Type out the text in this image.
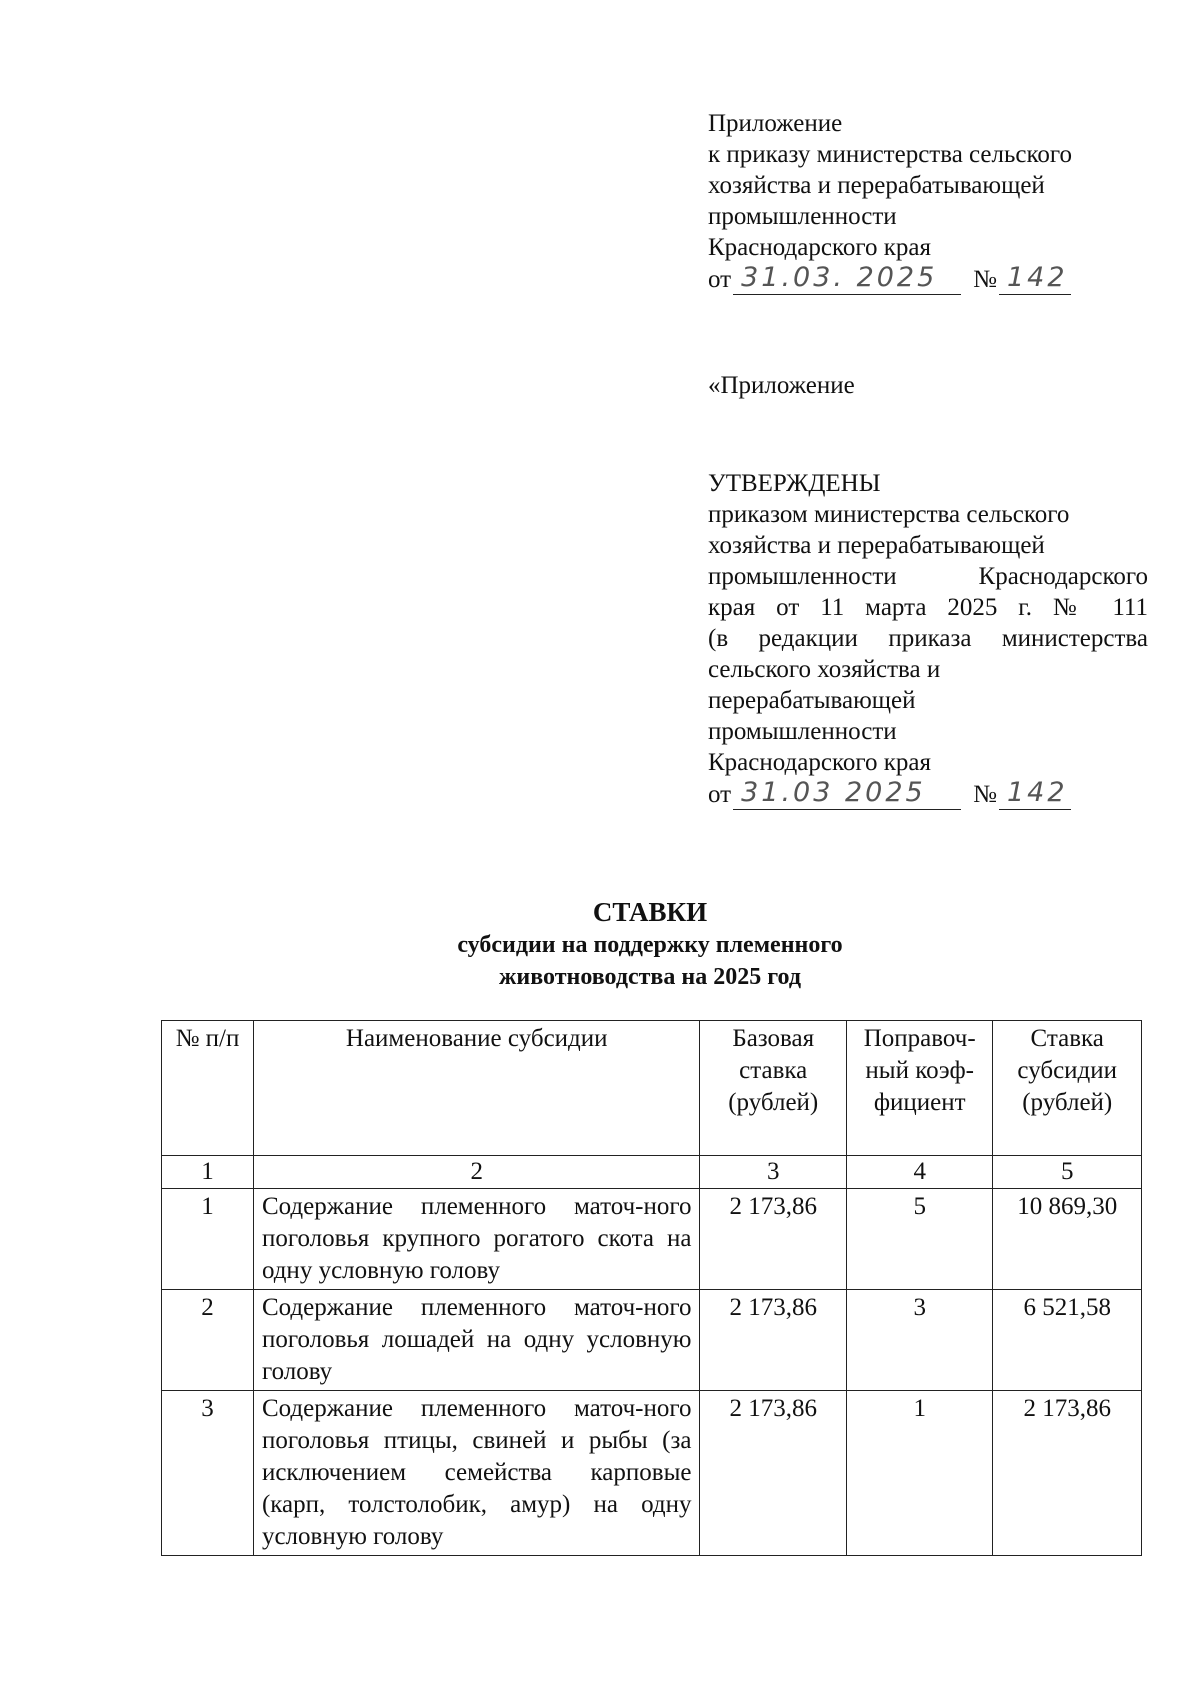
Приложение
к приказу министерства сельского
хозяйства и перерабатывающей
промышленности
Краснодарского края
от 31.03. 2025 № 142
«Приложение
УТВЕРЖДЕНЫ
приказом министерства сельского
хозяйства и перерабатывающей
промышленности Краснодарского
края от 11 марта 2025 г. № 111
(в редакции приказа министерства
сельского хозяйства и
перерабатывающей
промышленности
Краснодарского края
от 31.03 2025 № 142
СТАВКИ
субсидии на поддержку племенного
животноводства на 2025 год
№ п/п	Наименование субсидии	Базовая ставка (рублей)	Поправоч-ный коэф-фициент	Ставка субсидии (рублей)
1	2	3	4	5
1	Содержание племенного маточ-ного поголовья крупного рогатого скота на одну условную голову	2 173,86	5	10 869,30
2	Содержание племенного маточ-ного поголовья лошадей на одну условную голову	2 173,86	3	6 521,58
3	Содержание племенного маточ-ного поголовья птицы, свиней и рыбы (за исключением семейства карповые (карп, толстолобик, амур) на одну условную голову	2 173,86	1	2 173,86
